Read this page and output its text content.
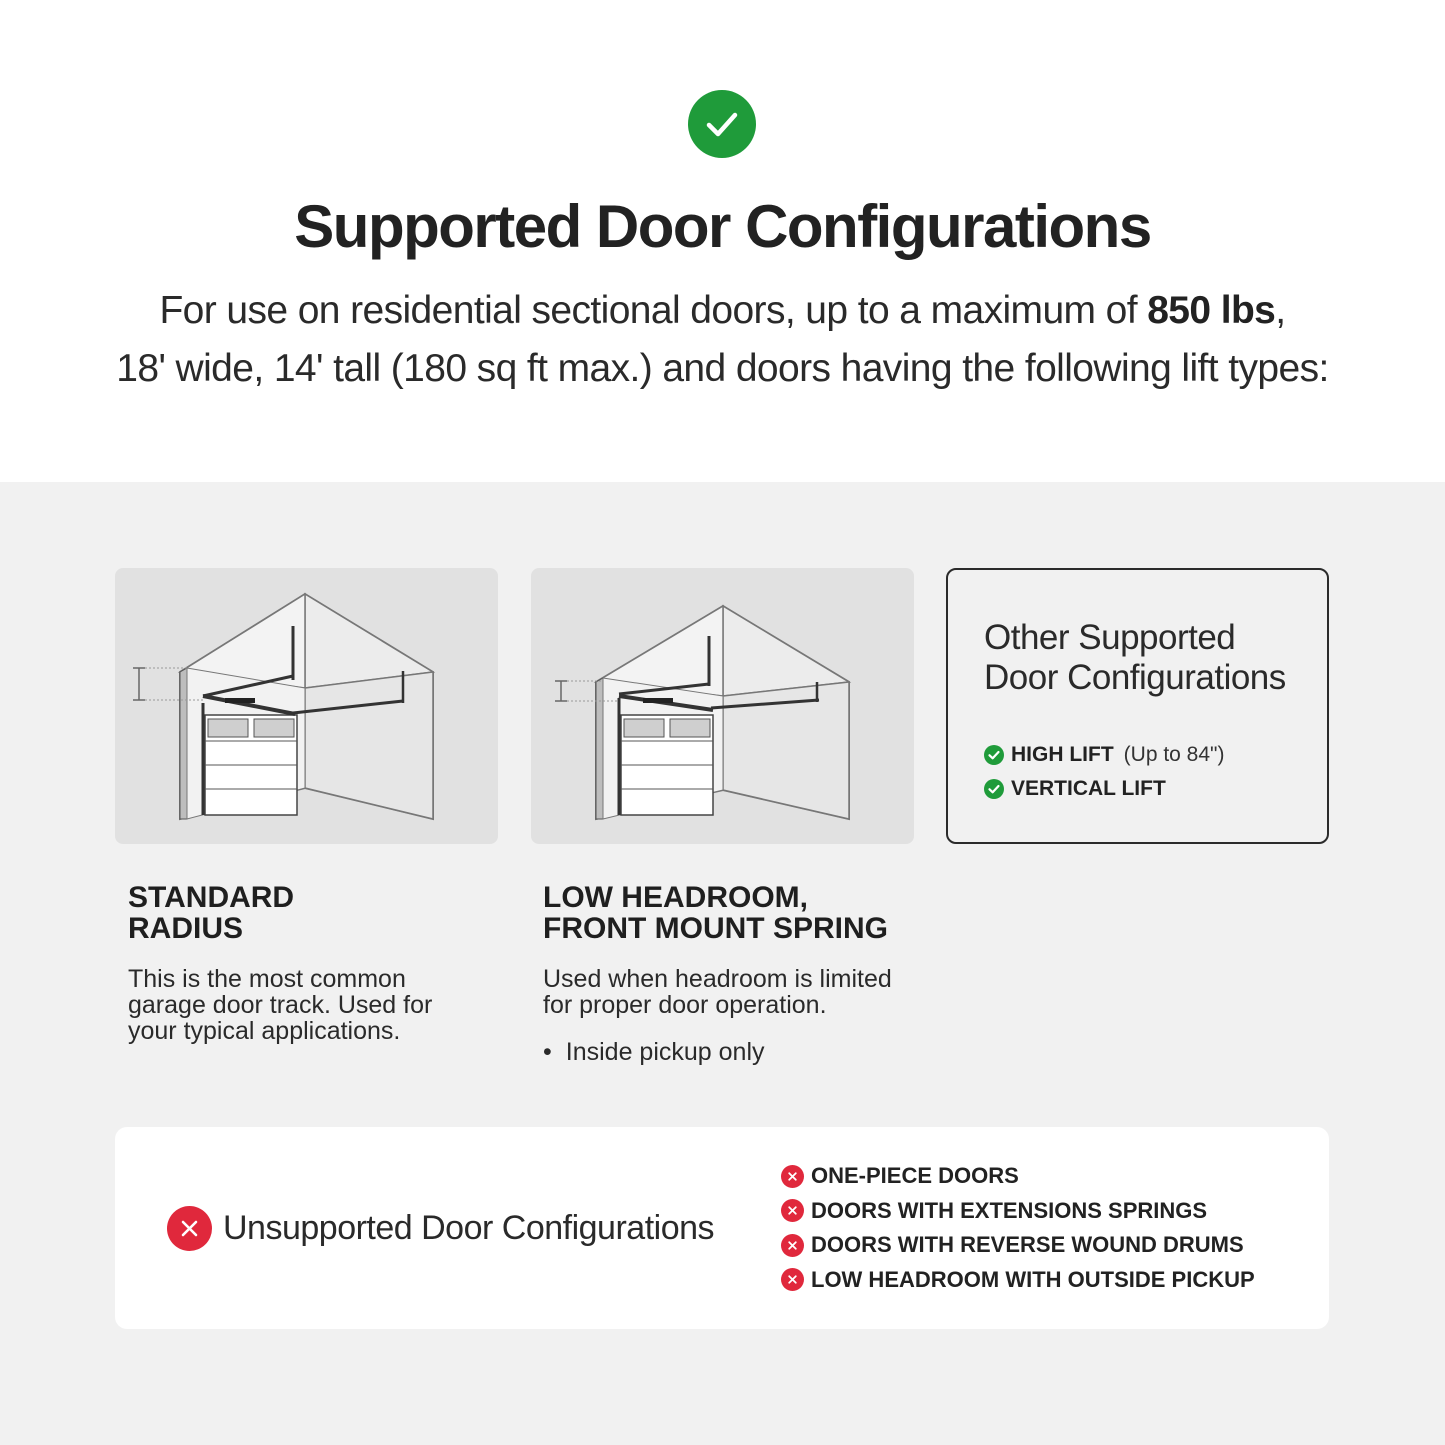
Supported Door Configurations
For use on residential sectional doors, up to a maximum of 850 lbs,
18' wide, 14' tall (180 sq ft max.) and doors having the following lift types:
Other Supported
Door Configurations
HIGH LIFT (Up to 84")
VERTICAL LIFT
STANDARD
RADIUS
This is the most common
garage door track. Used for
your typical applications.
LOW HEADROOM,
FRONT MOUNT SPRING
Used when headroom is limited
for proper door operation.
• Inside pickup only
Unsupported Door Configurations
ONE-PIECE DOORS
DOORS WITH EXTENSIONS SPRINGS
DOORS WITH REVERSE WOUND DRUMS
LOW HEADROOM WITH OUTSIDE PICKUP
